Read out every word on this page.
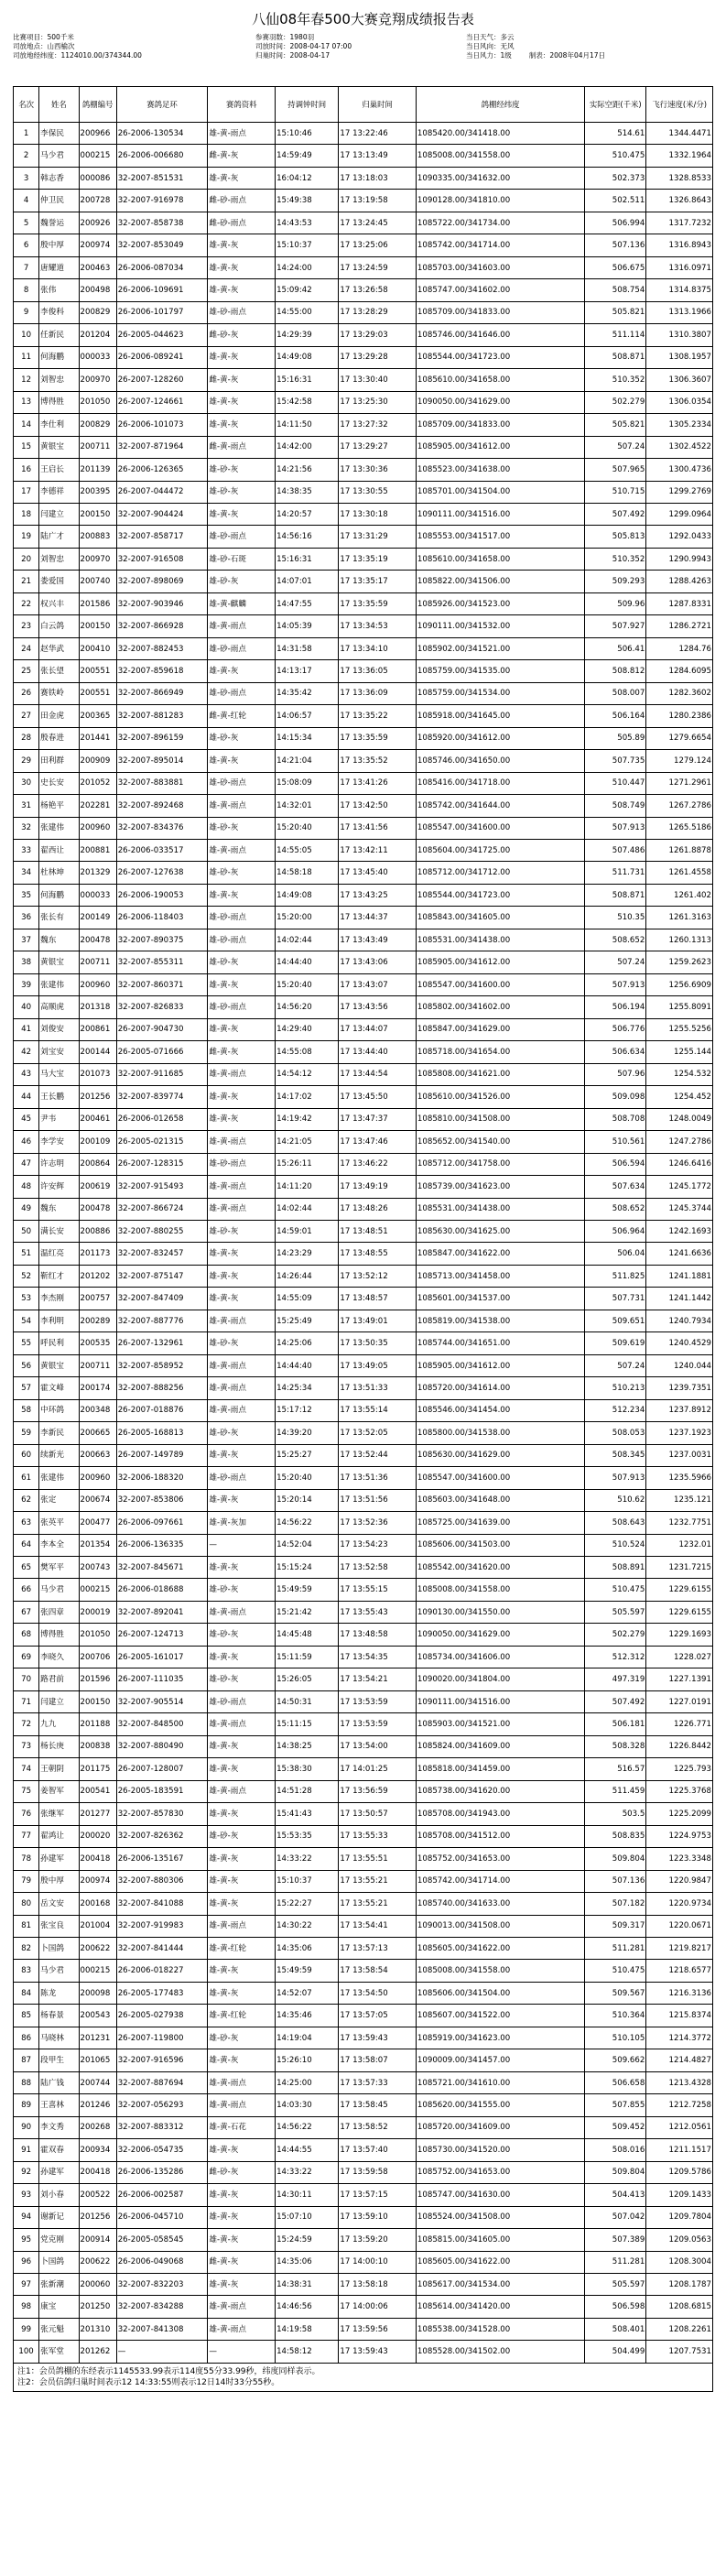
八仙08年春500大赛竞翔成绩报告表
比赛项目：500千米
司放地点：山西榆次
司放地经纬度：1124010.00/374344.00
参赛羽数：1980羽
司放时间：2008-04-17 07:00
归巢时间：2008-04-17
当日天气：多云
当日风向：无风
当日风力：1级	制表：2008年04月17日
名次	姓名	鸽棚编号	赛鸽足环	赛鸽资料	持调钟时间	归巢时间	鸽棚经纬度	实际空距(千米)	飞行速度(米/分)
1	李保民	200966	26-2006-130534	雄-黄-雨点	15:10:46	17 13:22:46	1085420.00/341418.00	514.61	1344.4471
2	马少君	000215	26-2006-006680	雌-黄-灰	14:59:49	17 13:13:49	1085008.00/341558.00	510.475	1332.1964
3	韩志香	000086	32-2007-851531	雄-黄-灰	16:04:12	17 13:18:03	1090335.00/341632.00	502.373	1328.8533
4	仲卫民	200728	32-2007-916978	雌-砂-雨点	15:49:38	17 13:19:58	1090128.00/341810.00	502.511	1326.8643
5	魏誉运	200926	32-2007-858738	雌-砂-雨点	14:43:53	17 13:24:45	1085722.00/341734.00	506.994	1317.7232
6	殷中厚	200974	32-2007-853049	雄-黄-灰	15:10:37	17 13:25:06	1085742.00/341714.00	507.136	1316.8943
7	唐耀道	200463	26-2006-087034	雄-黄-灰	14:24:00	17 13:24:59	1085703.00/341603.00	506.675	1316.0971
8	张伟	200498	26-2006-109691	雄-黄-灰	15:09:42	17 13:26:58	1085747.00/341602.00	508.754	1314.8375
9	李俊科	200829	26-2006-101797	雄-砂-雨点	14:55:00	17 13:28:29	1085709.00/341833.00	505.821	1313.1966
10	任新民	201204	26-2005-044623	雌-砂-灰	14:29:39	17 13:29:03	1085746.00/341646.00	511.114	1310.3807
11	何海鹏	000033	26-2006-089241	雄-黄-灰	14:49:08	17 13:29:28	1085544.00/341723.00	508.871	1308.1957
12	刘智忠	200970	26-2007-128260	雌-黄-灰	15:16:31	17 13:30:40	1085610.00/341658.00	510.352	1306.3607
13	博得胜	201050	26-2007-124661	雄-黄-灰	15:42:58	17 13:25:30	1090050.00/341629.00	502.279	1306.0354
14	李仕利	200829	26-2006-101073	雄-黄-灰	14:11:50	17 13:27:32	1085709.00/341833.00	505.821	1305.2334
15	黄银宝	200711	32-2007-871964	雌-黄-雨点	14:42:00	17 13:29:27	1085905.00/341612.00	507.24	1302.4522
16	王启长	201139	26-2006-126365	雄-砂-灰	14:21:56	17 13:30:36	1085523.00/341638.00	507.965	1300.4736
17	李德祥	200395	26-2007-044472	雄-砂-灰	14:38:35	17 13:30:55	1085701.00/341504.00	510.715	1299.2769
18	闫建立	200150	32-2007-904424	雄-黄-灰	14:20:57	17 13:30:18	1090111.00/341516.00	507.492	1299.0964
19	陆广才	200883	32-2007-858717	雄-砂-雨点	14:56:16	17 13:31:29	1085553.00/341517.00	505.813	1292.0433
20	刘智忠	200970	32-2007-916508	雄-砂-石斑	15:16:31	17 13:35:19	1085610.00/341658.00	510.352	1290.9943
21	娄爱国	200740	32-2007-898069	雄-砂-灰	14:07:01	17 13:35:17	1085822.00/341506.00	509.293	1288.4263
22	权兴丰	201586	32-2007-903946	雄-黄-麒麟	14:47:55	17 13:35:59	1085926.00/341523.00	509.96	1287.8331
23	白云鸽	200150	32-2007-866928	雄-黄-雨点	14:05:39	17 13:34:53	1090111.00/341532.00	507.927	1286.2721
24	赵华武	200410	32-2007-882453	雄-砂-雨点	14:31:58	17 13:34:10	1085902.00/341521.00	506.41	1284.76
25	张长望	200551	32-2007-859618	雄-黄-灰	14:13:17	17 13:36:05	1085759.00/341535.00	508.812	1284.6095
26	赛铁岭	200551	32-2007-866949	雄-砂-雨点	14:35:42	17 13:36:09	1085759.00/341534.00	508.007	1282.3602
27	田金虎	200365	32-2007-881283	雌-黄-红轮	14:06:57	17 13:35:22	1085918.00/341645.00	506.164	1280.2386
28	殷春进	201441	32-2007-896159	雄-砂-灰	14:15:34	17 13:35:59	1085920.00/341612.00	505.89	1279.6654
29	田利群	200909	32-2007-895014	雄-黄-灰	14:21:04	17 13:35:52	1085746.00/341650.00	507.735	1279.124
30	史长安	201052	32-2007-883881	雄-砂-雨点	15:08:09	17 13:41:26	1085416.00/341718.00	510.447	1271.2961
31	杨艳平	202281	32-2007-892468	雄-黄-雨点	14:32:01	17 13:42:50	1085742.00/341644.00	508.749	1267.2786
32	张建伟	200960	32-2007-834376	雄-砂-灰	15:20:40	17 13:41:56	1085547.00/341600.00	507.913	1265.5186
33	翟西让	200881	26-2006-033517	雄-黄-雨点	14:55:05	17 13:42:11	1085604.00/341725.00	507.486	1261.8878
34	杜林坤	201329	26-2007-127638	雄-砂-灰	14:58:18	17 13:45:40	1085712.00/341712.00	511.731	1261.4558
35	何海鹏	000033	26-2006-190053	雄-黄-灰	14:49:08	17 13:43:25	1085544.00/341723.00	508.871	1261.402
36	张长有	200149	26-2006-118403	雄-砂-雨点	15:20:00	17 13:44:37	1085843.00/341605.00	510.35	1261.3163
37	魏东	200478	32-2007-890375	雄-砂-雨点	14:02:44	17 13:43:49	1085531.00/341438.00	508.652	1260.1313
38	黄银宝	200711	32-2007-855311	雄-砂-灰	14:44:40	17 13:43:06	1085905.00/341612.00	507.24	1259.2623
39	张建伟	200960	32-2007-860371	雄-黄-灰	15:20:40	17 13:43:07	1085547.00/341600.00	507.913	1256.6909
40	高顺虎	201318	32-2007-826833	雄-砂-雨点	14:56:20	17 13:43:56	1085802.00/341602.00	506.194	1255.8091
41	刘俊安	200861	26-2007-904730	雄-黄-灰	14:29:40	17 13:44:07	1085847.00/341629.00	506.776	1255.5256
42	刘宝安	200144	26-2005-071666	雌-黄-灰	14:55:08	17 13:44:40	1085718.00/341654.00	506.634	1255.144
43	马大宝	201073	32-2007-911685	雄-黄-雨点	14:54:12	17 13:44:54	1085808.00/341621.00	507.96	1254.532
44	王长鹏	201256	32-2007-839774	雄-黄-灰	14:17:02	17 13:45:50	1085610.00/341526.00	509.098	1254.452
45	尹韦	200461	26-2006-012658	雄-黄-灰	14:19:42	17 13:47:37	1085810.00/341508.00	508.708	1248.0049
46	李学安	200109	26-2005-021315	雄-黄-雨点	14:21:05	17 13:47:46	1085652.00/341540.00	510.561	1247.2786
47	许志明	200864	26-2007-128315	雄-砂-雨点	15:26:11	17 13:46:22	1085712.00/341758.00	506.594	1246.6416
48	许安辉	200619	32-2007-915493	雄-黄-雨点	14:11:20	17 13:49:19	1085739.00/341623.00	507.634	1245.1772
49	魏东	200478	32-2007-866724	雄-黄-雨点	14:02:44	17 13:48:26	1085531.00/341438.00	508.652	1245.3744
50	满长安	200886	32-2007-880255	雄-砂-灰	14:59:01	17 13:48:51	1085630.00/341625.00	506.964	1242.1693
51	温红亮	201173	32-2007-832457	雄-黄-灰	14:23:29	17 13:48:55	1085847.00/341622.00	506.04	1241.6636
52	靳红才	201202	32-2007-875147	雄-黄-灰	14:26:44	17 13:52:12	1085713.00/341458.00	511.825	1241.1881
53	李杰刚	200757	32-2007-847409	雄-黄-灰	14:55:09	17 13:48:57	1085601.00/341537.00	507.731	1241.1442
54	李利明	200289	32-2007-887776	雄-黄-雨点	15:25:49	17 13:49:01	1085819.00/341538.00	509.651	1240.7934
55	呼民利	200535	26-2007-132961	雄-砂-灰	14:25:06	17 13:50:35	1085744.00/341651.00	509.619	1240.4529
56	黄银宝	200711	32-2007-858952	雄-黄-雨点	14:44:40	17 13:49:05	1085905.00/341612.00	507.24	1240.044
57	霍文峰	200174	32-2007-888256	雄-黄-雨点	14:25:34	17 13:51:33	1085720.00/341614.00	510.213	1239.7351
58	中环鸽	200348	26-2007-018876	雄-黄-雨点	15:17:12	17 13:55:14	1085546.00/341454.00	512.234	1237.8912
59	李新民	200665	26-2005-168813	雄-砂-灰	14:39:20	17 13:52:05	1085800.00/341538.00	508.053	1237.1923
60	续新光	200663	26-2007-149789	雄-黄-灰	15:25:27	17 13:52:44	1085630.00/341629.00	508.345	1237.0031
61	张建伟	200960	32-2006-188320	雄-砂-雨点	15:20:40	17 13:51:36	1085547.00/341600.00	507.913	1235.5966
62	张定	200674	32-2007-853806	雄-黄-灰	15:20:14	17 13:51:56	1085603.00/341648.00	510.62	1235.121
63	张英平	200477	26-2006-097661	雄-黄-灰加	14:56:22	17 13:52:36	1085725.00/341639.00	508.643	1232.7751
64	李本全	201354	26-2006-136335	—	14:52:04	17 13:54:23	1085606.00/341503.00	510.524	1232.01
65	樊军平	200743	32-2007-845671	雄-黄-灰	15:15:24	17 13:52:58	1085542.00/341620.00	508.891	1231.7215
66	马少君	000215	26-2006-018688	雄-砂-灰	15:49:59	17 13:55:15	1085008.00/341558.00	510.475	1229.6155
67	张四章	200019	32-2007-892041	雄-黄-雨点	15:21:42	17 13:55:43	1090130.00/341550.00	505.597	1229.6155
68	博得胜	201050	26-2007-124713	雄-砂-灰	14:45:48	17 13:48:58	1090050.00/341629.00	502.279	1229.1693
69	李晓久	200706	26-2005-161017	雄-黄-灰	15:11:59	17 13:54:35	1085734.00/341606.00	512.312	1228.027
70	路君前	201596	26-2007-111035	雄-砂-灰	15:26:05	17 13:54:21	1090020.00/341804.00	497.319	1227.1391
71	闫建立	200150	32-2007-905514	雄-砂-雨点	14:50:31	17 13:53:59	1090111.00/341516.00	507.492	1227.0191
72	九九	201188	32-2007-848500	雄-黄-雨点	15:11:15	17 13:53:59	1085903.00/341521.00	506.181	1226.771
73	杨长庚	200838	32-2007-880490	雄-黄-灰	14:38:25	17 13:54:00	1085824.00/341609.00	508.328	1226.8442
74	王朝阴	201175	26-2007-128007	雄-黄-灰	15:38:30	17 14:01:25	1085818.00/341459.00	516.57	1225.793
75	姜智军	200541	26-2005-183591	雄-黄-雨点	14:51:28	17 13:56:59	1085738.00/341620.00	511.459	1225.3768
76	张继军	201277	32-2007-857830	雄-黄-灰	15:41:43	17 13:50:57	1085708.00/341943.00	503.5	1225.2099
77	翟鸿让	200020	32-2007-826362	雄-砂-灰	15:53:35	17 13:55:33	1085708.00/341512.00	508.835	1224.9753
78	孙建军	200418	26-2006-135167	雄-黄-灰	14:33:22	17 13:55:51	1085752.00/341653.00	509.804	1223.3348
79	殷中厚	200974	32-2007-880306	雄-黄-灰	15:10:37	17 13:55:21	1085742.00/341714.00	507.136	1220.9847
80	岳文安	200168	32-2007-841088	雄-黄-灰	15:22:27	17 13:55:21	1085740.00/341633.00	507.182	1220.9734
81	张宝良	201004	32-2007-919983	雄-黄-雨点	14:30:22	17 13:54:41	1090013.00/341508.00	509.317	1220.0671
82	卜国鸽	200622	32-2007-841444	雄-黄-红轮	14:35:06	17 13:57:13	1085605.00/341622.00	511.281	1219.8217
83	马少君	000215	26-2006-018227	雄-黄-灰	15:49:59	17 13:58:54	1085008.00/341558.00	510.475	1218.6577
84	陈龙	200098	26-2005-177483	雄-黄-灰	14:52:07	17 13:54:50	1085606.00/341504.00	509.567	1216.3136
85	杨春景	200543	26-2005-027938	雄-黄-红轮	14:35:46	17 13:57:05	1085607.00/341522.00	510.364	1215.8374
86	马晓林	201231	26-2007-119800	雄-砂-灰	14:19:04	17 13:59:43	1085919.00/341623.00	510.105	1214.3772
87	段甲生	201065	32-2007-916596	雄-黄-灰	15:26:10	17 13:58:07	1090009.00/341457.00	509.662	1214.4827
88	陆广钱	200744	32-2007-887694	雄-黄-雨点	14:25:00	17 13:57:33	1085721.00/341610.00	506.658	1213.4328
89	王喜林	201246	32-2007-056293	雄-黄-雨点	14:03:30	17 13:58:45	1085620.00/341555.00	507.855	1212.7258
90	李文秀	200268	32-2007-883312	雄-黄-石花	14:56:22	17 13:58:52	1085720.00/341609.00	509.452	1212.0561
91	霍双春	200934	32-2006-054735	雄-黄-灰	14:44:55	17 13:57:40	1085730.00/341520.00	508.016	1211.1517
92	孙建军	200418	26-2006-135286	雌-砂-灰	14:33:22	17 13:59:58	1085752.00/341653.00	509.804	1209.5786
93	刘小春	200522	26-2006-002587	雄-黄-灰	14:30:11	17 13:57:15	1085747.00/341630.00	504.413	1209.1433
94	谢新记	201256	26-2006-045710	雄-黄-灰	15:07:10	17 13:59:10	1085524.00/341508.00	507.042	1209.7804
95	党克刚	200914	26-2005-058545	雄-黄-灰	15:24:59	17 13:59:20	1085815.00/341605.00	507.389	1209.0563
96	卜国鸽	200622	26-2006-049068	雌-黄-灰	14:35:06	17 14:00:10	1085605.00/341622.00	511.281	1208.3004
97	张新潮	200060	32-2007-832203	雄-黄-灰	14:38:31	17 13:58:18	1085617.00/341534.00	505.597	1208.1787
98	康宝	201250	32-2007-834288	雄-黄-雨点	14:46:56	17 14:00:06	1085614.00/341420.00	506.598	1208.6815
99	张元魁	201310	32-2007-841308	雄-黄-雨点	14:19:58	17 13:59:56	1085538.00/341528.00	508.401	1208.2261
100	张军堂	201262	—	—	14:58:12	17 13:59:43	1085528.00/341502.00	504.499	1207.7531
注1：会员鸽棚的东经表示1145533.99表示114度55分33.99秒，纬度同样表示。
注2：会员信鸽归巢时间表示12 14:33:55则表示12日14时33分55秒。
